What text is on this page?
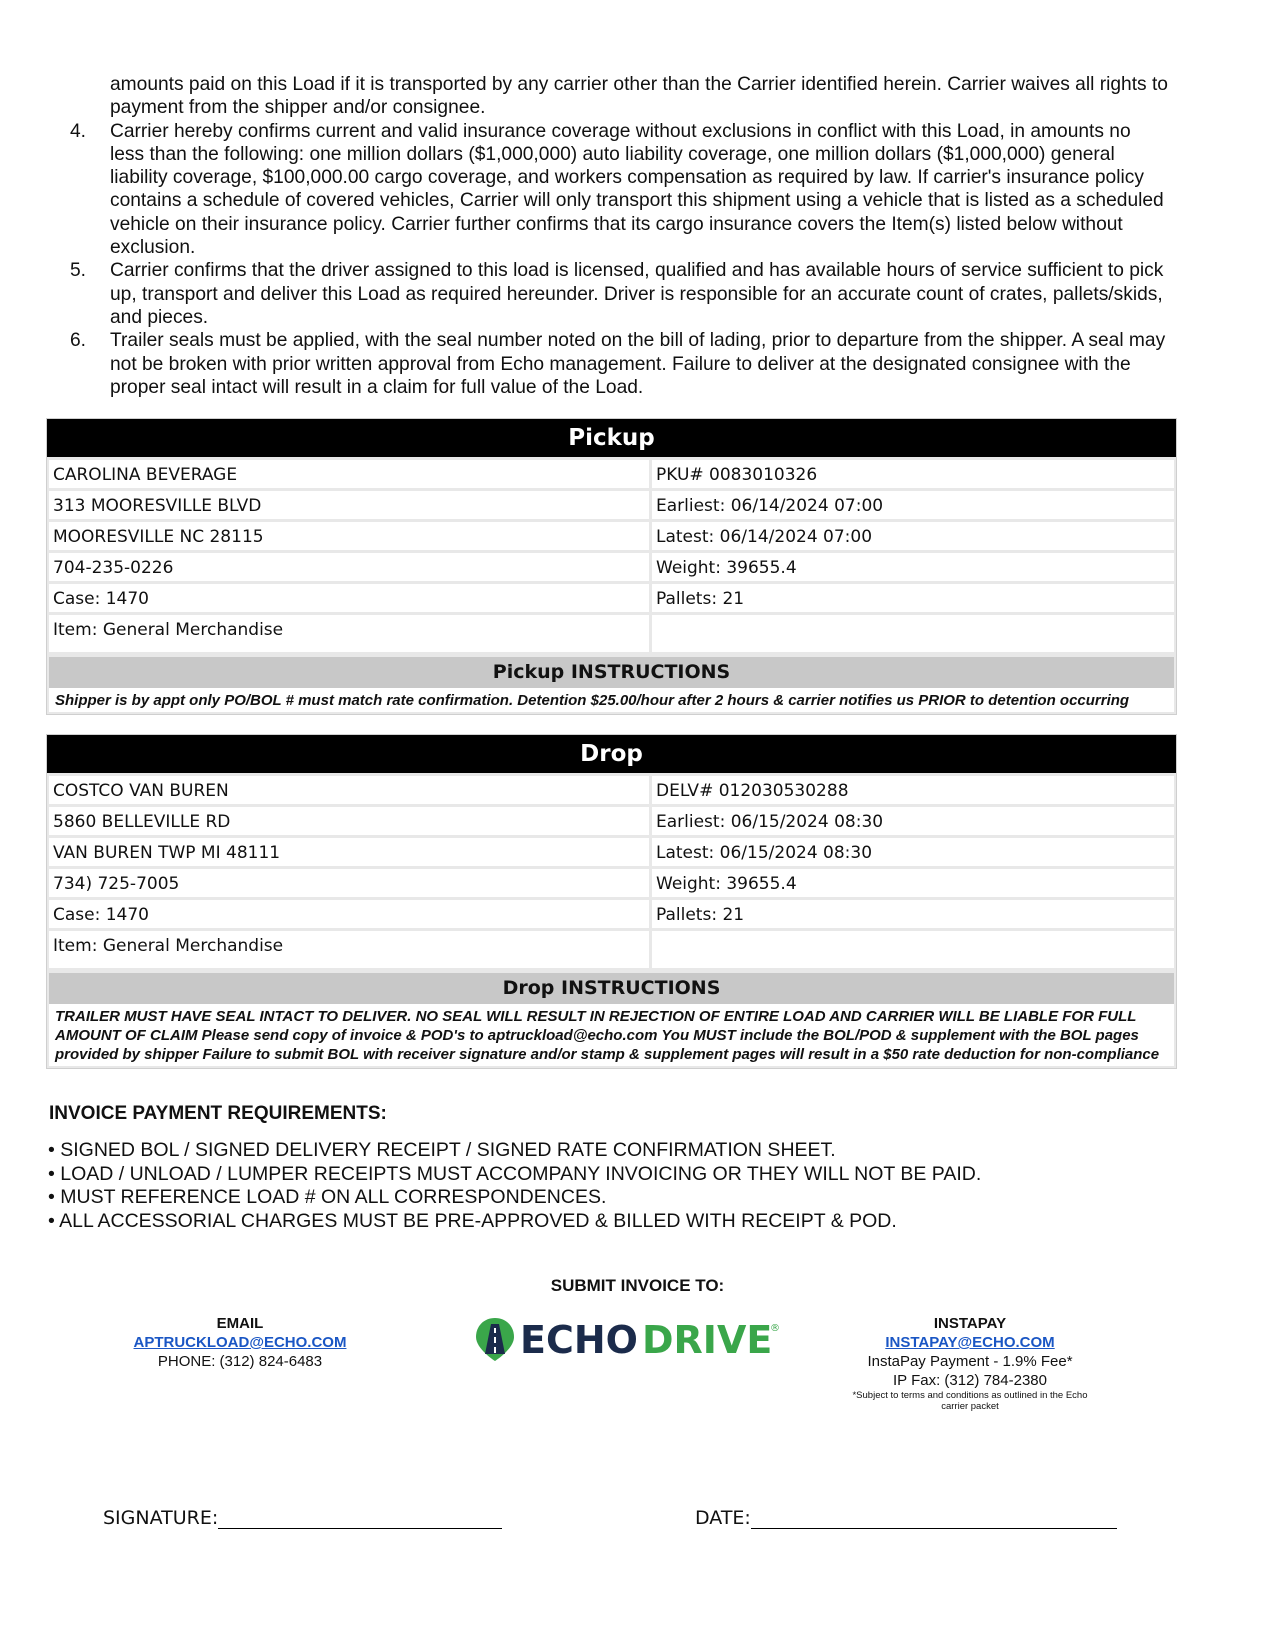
amounts paid on this Load if it is transported by any carrier other than the Carrier identified herein. Carrier waives all rights to payment from the shipper and/or consignee.
4.	Carrier hereby confirms current and valid insurance coverage without exclusions in conflict with this Load, in amounts no less than the following: one million dollars ($1,000,000) auto liability coverage, one million dollars ($1,000,000) general liability coverage, $100,000.00 cargo coverage, and workers compensation as required by law. If carrier's insurance policy contains a schedule of covered vehicles, Carrier will only transport this shipment using a vehicle that is listed as a scheduled vehicle on their insurance policy. Carrier further confirms that its cargo insurance covers the Item(s) listed below without exclusion.
5.	Carrier confirms that the driver assigned to this load is licensed, qualified and has available hours of service sufficient to pick up, transport and deliver this Load as required hereunder. Driver is responsible for an accurate count of crates, pallets/skids, and pieces.
6.	Trailer seals must be applied, with the seal number noted on the bill of lading, prior to departure from the shipper. A seal may not be broken with prior written approval from Echo management. Failure to deliver at the designated consignee with the proper seal intact will result in a claim for full value of the Load.
Pickup
CAROLINA BEVERAGE	PKU# 0083010326
313 MOORESVILLE BLVD	Earliest: 06/14/2024 07:00
MOORESVILLE NC 28115	Latest: 06/14/2024 07:00
704-235-0226	Weight: 39655.4
Case: 1470	Pallets: 21
Item: General Merchandise
Pickup INSTRUCTIONS
Shipper is by appt only PO/BOL # must match rate confirmation. Detention $25.00/hour after 2 hours & carrier notifies us PRIOR to detention occurring
Drop
COSTCO VAN BUREN	DELV# 012030530288
5860 BELLEVILLE RD	Earliest: 06/15/2024 08:30
VAN BUREN TWP MI 48111	Latest: 06/15/2024 08:30
734) 725-7005	Weight: 39655.4
Case: 1470	Pallets: 21
Item: General Merchandise
Drop INSTRUCTIONS
TRAILER MUST HAVE SEAL INTACT TO DELIVER. NO SEAL WILL RESULT IN REJECTION OF ENTIRE LOAD AND CARRIER WILL BE LIABLE FOR FULL AMOUNT OF CLAIM Please send copy of invoice & POD's to aptruckload@echo.com You MUST include the BOL/POD & supplement with the BOL pages provided by shipper Failure to submit BOL with receiver signature and/or stamp & supplement pages will result in a $50 rate deduction for non-compliance
INVOICE PAYMENT REQUIREMENTS:
• SIGNED BOL / SIGNED DELIVERY RECEIPT / SIGNED RATE CONFIRMATION SHEET.
• LOAD / UNLOAD / LUMPER RECEIPTS MUST ACCOMPANY INVOICING OR THEY WILL NOT BE PAID.
• MUST REFERENCE LOAD # ON ALL CORRESPONDENCES.
• ALL ACCESSORIAL CHARGES MUST BE PRE-APPROVED & BILLED WITH RECEIPT & POD.
SUBMIT INVOICE TO:
EMAIL
APTRUCKLOAD@ECHO.COM
PHONE: (312) 824-6483	ECHO DRIVE
®	INSTAPAY
INSTAPAY@ECHO.COM
InstaPay Payment - 1.9% Fee*
IP Fax: (312) 784-2380
*Subject to terms and conditions as outlined in the Echo carrier packet
SIGNATURE:	DATE:
